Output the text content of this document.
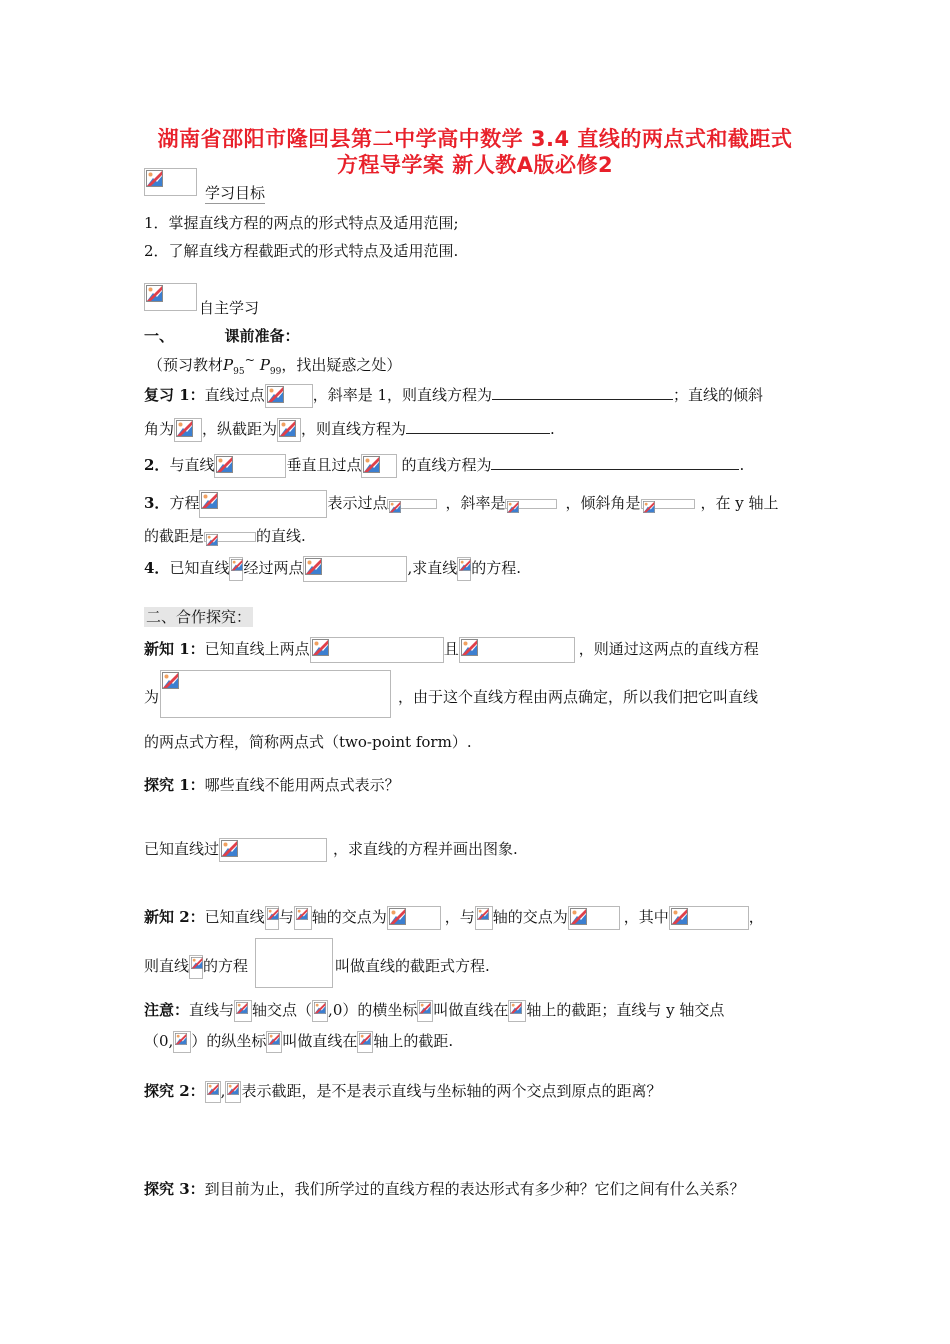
湖南省邵阳市隆回县第二中学高中数学 3.4 直线的两点式和截距式
方程导学案 新人教A版必修2
学习目标
1．掌握直线方程的两点的形式特点及适用范围;
2．了解直线方程截距式的形式特点及适用范围.
自主学习
一、	课前准备：
（预习教材$P_{95}^\sim$ $P_{99}$，找出疑惑之处）
复习 1：直线过点	，斜率是 1，则直线方程为	；直线的倾斜
角为 ，纵截距为 ，则直线方程为	.
2．与直线	垂直且过点	的直线方程为	.
3．方程	表示过点	，斜率是	，倾斜角是	，在 y 轴上
的截距是	的直线.
4．已知直线 经过两点	,求直线 的方程.
二、合作探究：
新知 1：已知直线上两点	且	，则通过这两点的直线方程
为	，由于这个直线方程由两点确定，所以我们把它叫直线
的两点式方程，简称两点式（two-point form）.
探究 1：哪些直线不能用两点式表示？
已知直线过	，求直线的方程并画出图象.
新知 2：已知直线 与 轴的交点为	，与 轴的交点为	，其中	，
则直线 的方程	叫做直线的截距式方程.
注意：直线与 轴交点（ ,0）的横坐标 叫做直线在 轴上的截距；直线与 y 轴交点
（0, ）的纵坐标 叫做直线在 轴上的截距.
探究 2： , 表示截距，是不是表示直线与坐标轴的两个交点到原点的距离？
探究 3：到目前为止，我们所学过的直线方程的表达形式有多少种？它们之间有什么关系？
